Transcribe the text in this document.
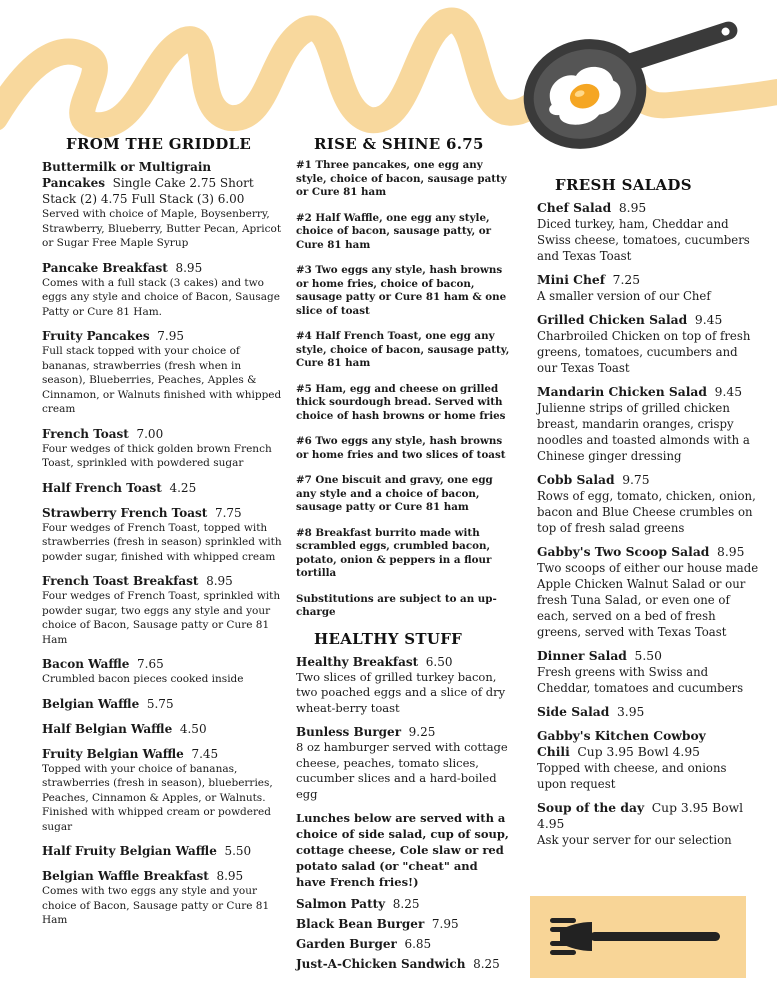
FROM THE GRIDDLE
Buttermilk or Multigrain
Pancakes Single Cake 2.75 Short Stack (2) 4.75 Full Stack (3) 6.00
Served with choice of Maple, Boysenberry, Strawberry, Blueberry, Butter Pecan, Apricot or Sugar Free Maple Syrup
Pancake Breakfast 8.95
Comes with a full stack (3 cakes) and two eggs any style and choice of Bacon, Sausage Patty or Cure 81 Ham.
Fruity Pancakes 7.95
Full stack topped with your choice of bananas, strawberries (fresh when in season), Blueberries, Peaches, Apples & Cinnamon, or Walnuts finished with whipped cream
French Toast 7.00
Four wedges of thick golden brown French Toast, sprinkled with powdered sugar
Half French Toast 4.25
Strawberry French Toast 7.75
Four wedges of French Toast, topped with strawberries (fresh in season) sprinkled with powder sugar, finished with whipped cream
French Toast Breakfast 8.95
Four wedges of French Toast, sprinkled with powder sugar, two eggs any style and your choice of Bacon, Sausage patty or Cure 81 Ham
Bacon Waffle 7.65
Crumbled bacon pieces cooked inside
Belgian Waffle 5.75
Half Belgian Waffle 4.50
Fruity Belgian Waffle 7.45
Topped with your choice of bananas, strawberries (fresh in season), blueberries, Peaches, Cinnamon & Apples, or Walnuts. Finished with whipped cream or powdered sugar
Half Fruity Belgian Waffle 5.50
Belgian Waffle Breakfast 8.95
Comes with two eggs any style and your choice of Bacon, Sausage patty or Cure 81 Ham
RISE & SHINE 6.75
#1 Three pancakes, one egg any style, choice of bacon, sausage patty or Cure 81 ham
#2 Half Waffle, one egg any style, choice of bacon, sausage patty, or Cure 81 ham
#3 Two eggs any style, hash browns or home fries, choice of bacon, sausage patty or Cure 81 ham & one slice of toast
#4 Half French Toast, one egg any style, choice of bacon, sausage patty, Cure 81 ham
#5 Ham, egg and cheese on grilled thick sourdough bread. Served with choice of hash browns or home fries
#6 Two eggs any style, hash browns or home fries and two slices of toast
#7 One biscuit and gravy, one egg any style and a choice of bacon, sausage patty or Cure 81 ham
#8 Breakfast burrito made with scrambled eggs, crumbled bacon, potato, onion & peppers in a flour tortilla
Substitutions are subject to an up-charge
HEALTHY STUFF
Healthy Breakfast 6.50
Two slices of grilled turkey bacon, two poached eggs and a slice of dry wheat-berry toast
Bunless Burger 9.25
8 oz hamburger served with cottage cheese, peaches, tomato slices, cucumber slices and a hard-boiled egg
Lunches below are served with a choice of side salad, cup of soup, cottage cheese, Cole slaw or red potato salad (or "cheat" and have French fries!)
Salmon Patty 8.25
Black Bean Burger 7.95
Garden Burger 6.85
Just-A-Chicken Sandwich 8.25
FRESH SALADS
Chef Salad 8.95
Diced turkey, ham, Cheddar and Swiss cheese, tomatoes, cucumbers and Texas Toast
Mini Chef 7.25
A smaller version of our Chef
Grilled Chicken Salad 9.45
Charbroiled Chicken on top of fresh greens, tomatoes, cucumbers and our Texas Toast
Mandarin Chicken Salad 9.45
Julienne strips of grilled chicken breast, mandarin oranges, crispy noodles and toasted almonds with a Chinese ginger dressing
Cobb Salad 9.75
Rows of egg, tomato, chicken, onion, bacon and Blue Cheese crumbles on top of fresh salad greens
Gabby's Two Scoop Salad 8.95
Two scoops of either our house made Apple Chicken Walnut Salad or our fresh Tuna Salad, or even one of each, served on a bed of fresh greens, served with Texas Toast
Dinner Salad 5.50
Fresh greens with Swiss and Cheddar, tomatoes and cucumbers
Side Salad 3.95
Gabby's Kitchen Cowboy
Chili Cup 3.95 Bowl 4.95
Topped with cheese, and onions upon request
Soup of the day Cup 3.95 Bowl 4.95
Ask your server for our selection
